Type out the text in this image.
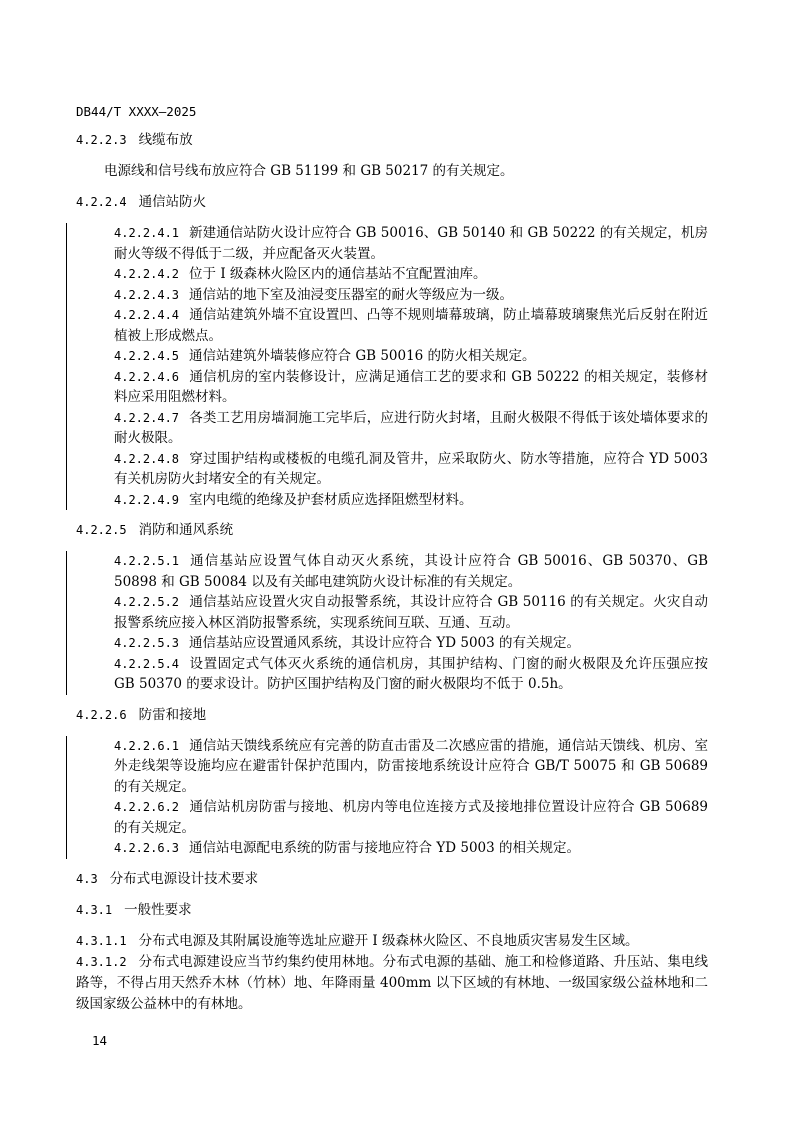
DB44/T XXXX—2025
4.2.2.3 线缆布放

电源线和信号线布放应符合 GB 51199 和 GB 50217 的有关规定。

4.2.2.4 通信站防火

4.2.2.4.1 新建通信站防火设计应符合 GB 50016、GB 50140 和 GB 50222 的有关规定，机房耐火等级不得低于二级，并应配备灭火装置。

4.2.2.4.2 位于 I 级森林火险区内的通信基站不宜配置油库。

4.2.2.4.3 通信站的地下室及油浸变压器室的耐火等级应为一级。

4.2.2.4.4 通信站建筑外墙不宜设置凹、凸等不规则墙幕玻璃，防止墙幕玻璃聚焦光后反射在附近植被上形成燃点。

4.2.2.4.5 通信站建筑外墙装修应符合 GB 50016 的防火相关规定。

4.2.2.4.6 通信机房的室内装修设计，应满足通信工艺的要求和 GB 50222 的相关规定，装修材料应采用阻燃材料。

4.2.2.4.7 各类工艺用房墙洞施工完毕后，应进行防火封堵，且耐火极限不得低于该处墙体要求的耐火极限。

4.2.2.4.8 穿过围护结构或楼板的电缆孔洞及管井，应采取防火、防水等措施，应符合 YD 5003 有关机房防火封堵安全的有关规定。

4.2.2.4.9 室内电缆的绝缘及护套材质应选择阻燃型材料。

4.2.2.5 消防和通风系统

4.2.2.5.1 通信基站应设置气体自动灭火系统，其设计应符合 GB 50016、GB 50370、GB 50898 和 GB 50084 以及有关邮电建筑防火设计标准的有关规定。

4.2.2.5.2 通信基站应设置火灾自动报警系统，其设计应符合 GB 50116 的有关规定。火灾自动报警系统应接入林区消防报警系统，实现系统间互联、互通、互动。

4.2.2.5.3 通信基站应设置通风系统，其设计应符合 YD 5003 的有关规定。

4.2.2.5.4 设置固定式气体灭火系统的通信机房，其围护结构、门窗的耐火极限及允许压强应按 GB 50370 的要求设计。防护区围护结构及门窗的耐火极限均不低于 0.5h。

4.2.2.6 防雷和接地

4.2.2.6.1 通信站天馈线系统应有完善的防直击雷及二次感应雷的措施，通信站天馈线、机房、室外走线架等设施均应在避雷针保护范围内，防雷接地系统设计应符合 GB/T 50075 和 GB 50689 的有关规定。

4.2.2.6.2 通信站机房防雷与接地、机房内等电位连接方式及接地排位置设计应符合 GB 50689 的有关规定。

4.2.2.6.3 通信站电源配电系统的防雷与接地应符合 YD 5003 的相关规定。

4.3 分布式电源设计技术要求
4.3.1 一般性要求

4.3.1.1 分布式电源及其附属设施等选址应避开 I 级森林火险区、不良地质灾害易发生区域。

4.3.1.2 分布式电源建设应当节约集约使用林地。分布式电源的基础、施工和检修道路、升压站、集电线路等，不得占用天然乔木林（竹林）地、年降雨量 400mm 以下区域的有林地、一级国家级公益林地和二级国家级公益林中的有林地。

14
